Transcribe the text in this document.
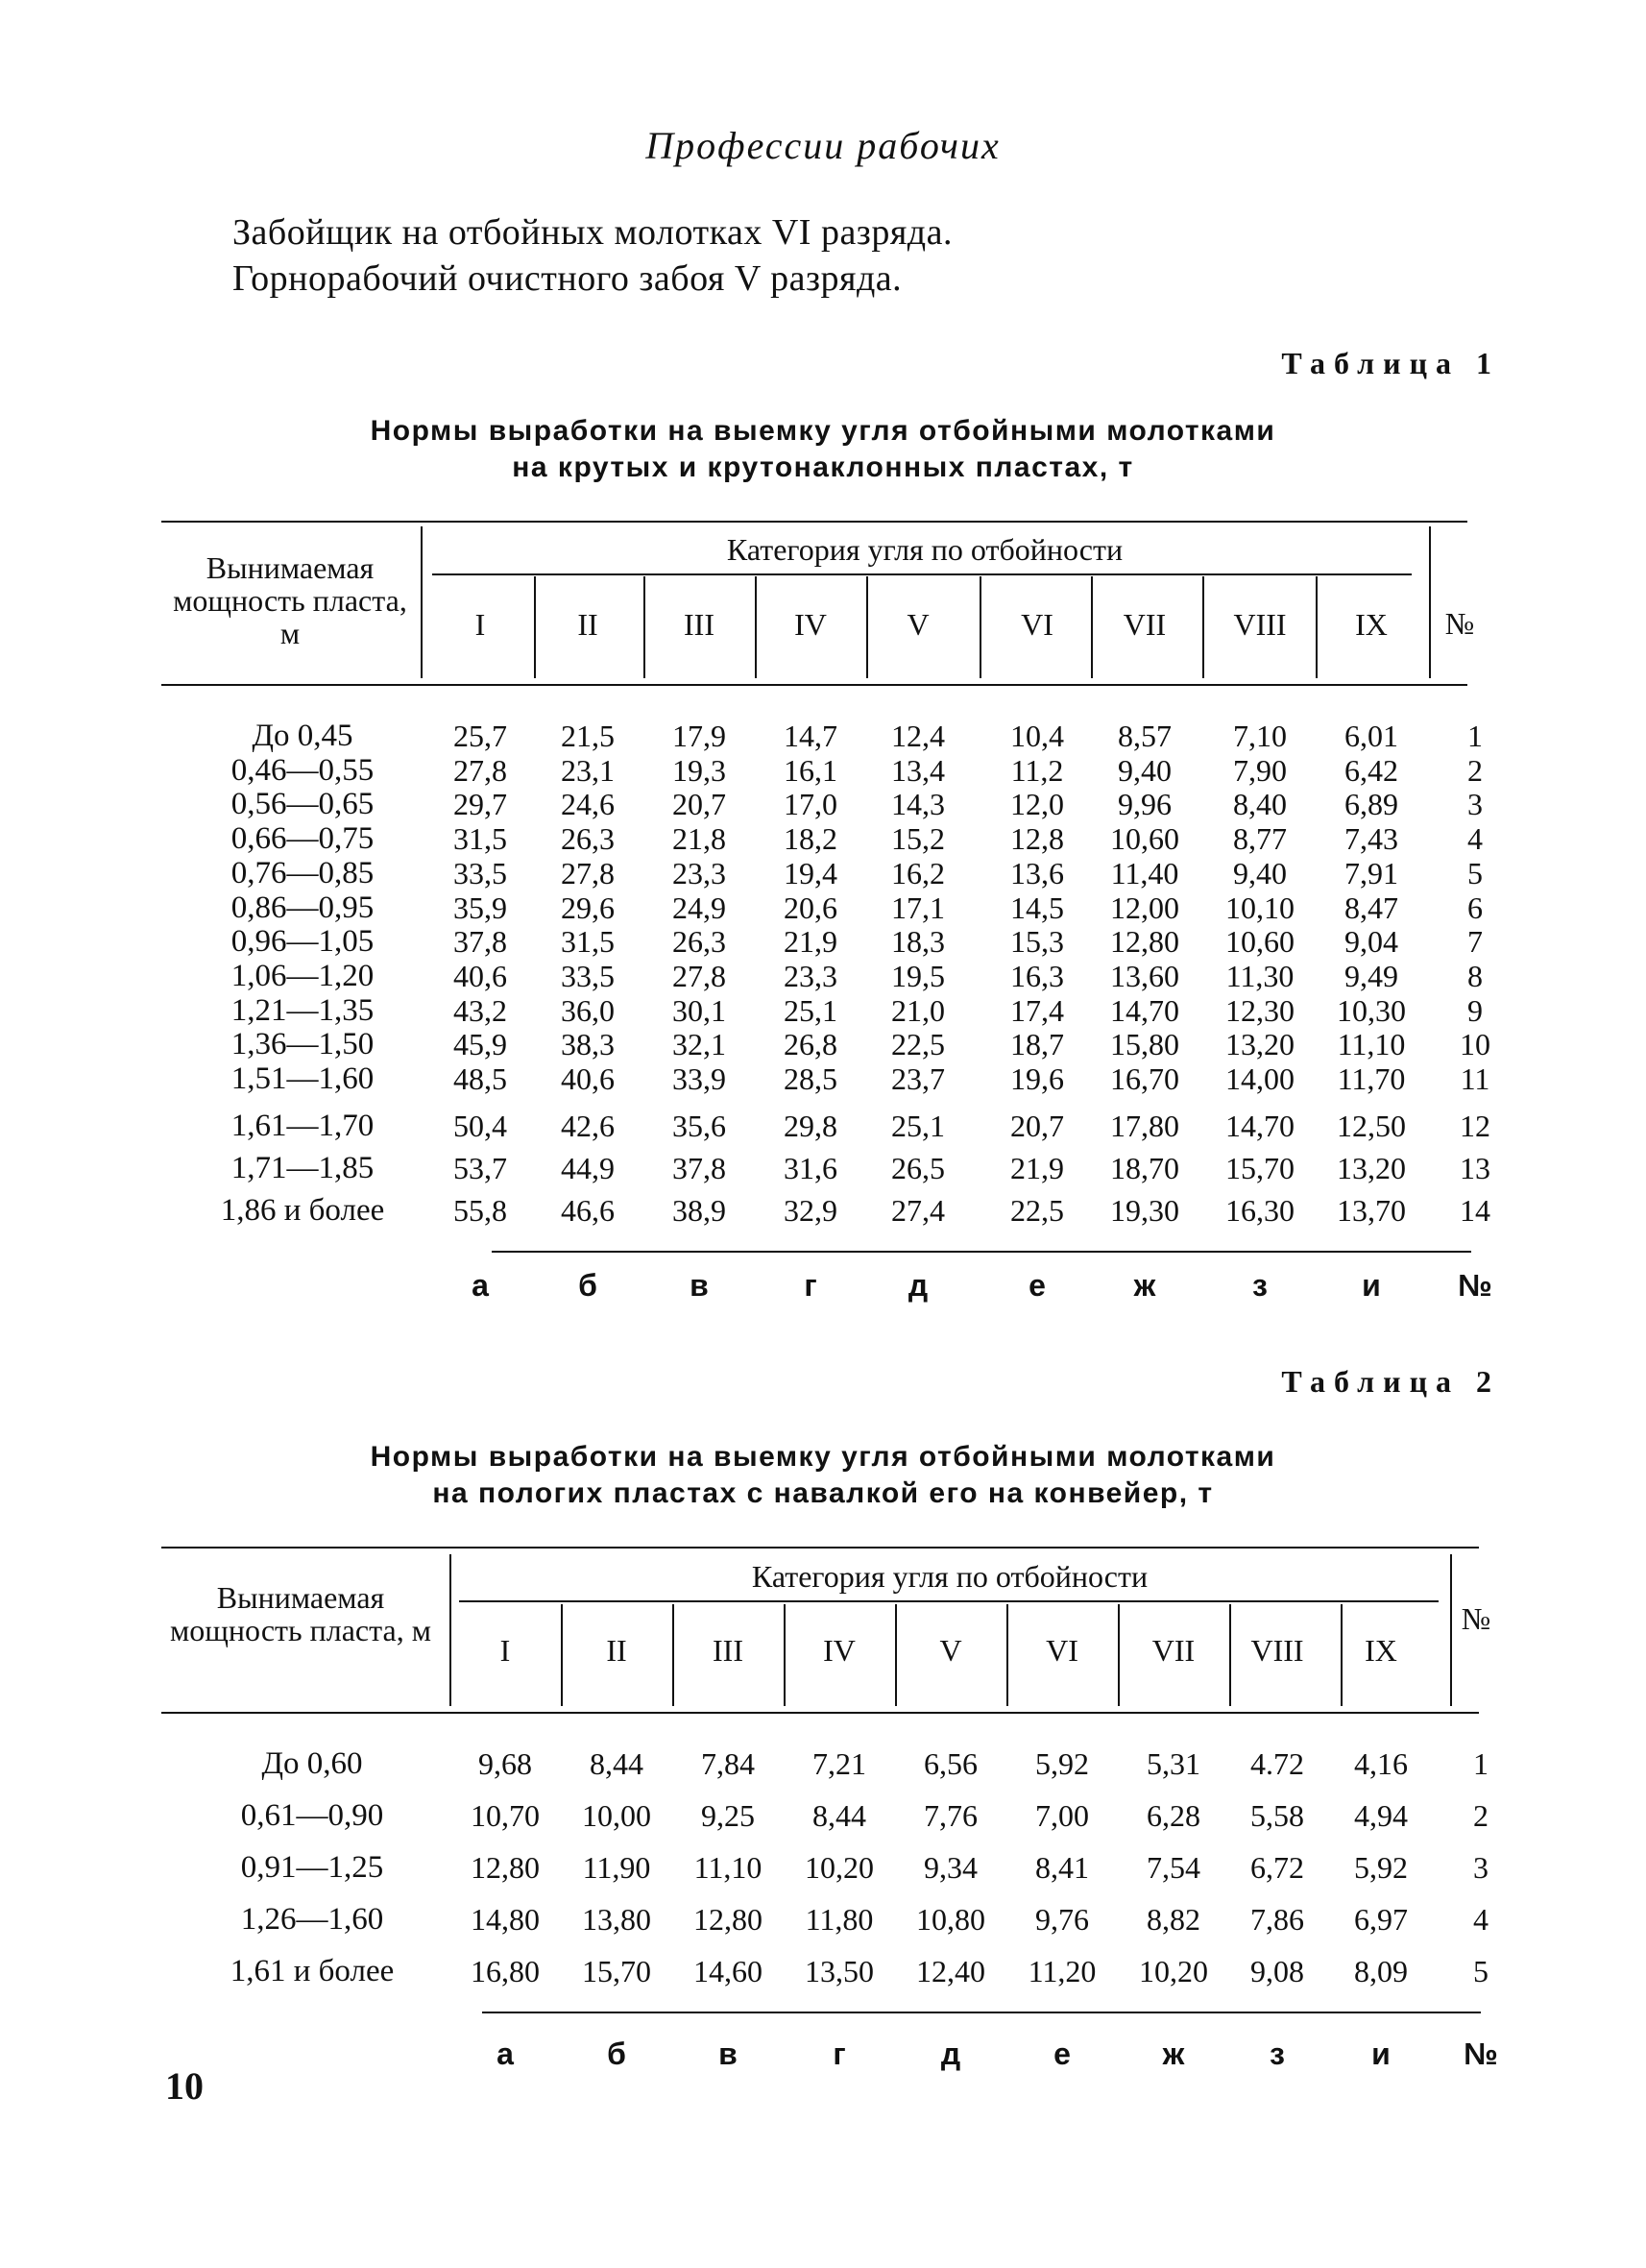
Профессии рабочих
Забойщик на отбойных молотках VI разряда.
Горнорабочий очистного забоя V разряда.
Таблица 1
Нормы выработки на выемку угля отбойными молотками
на крутых и крутонаклонных пластах, т
Вынимаемая мощность пласта, м
Категория угля по отбойности
№
I	II	III	IV	V	VI	VII	VIII	IX
До 0,45	25,7	21,5	17,9	14,7	12,4	10,4	8,57	7,10	6,01	1
0,46—0,55	27,8	23,1	19,3	16,1	13,4	11,2	9,40	7,90	6,42	2
0,56—0,65	29,7	24,6	20,7	17,0	14,3	12,0	9,96	8,40	6,89	3
0,66—0,75	31,5	26,3	21,8	18,2	15,2	12,8	10,60	8,77	7,43	4
0,76—0,85	33,5	27,8	23,3	19,4	16,2	13,6	11,40	9,40	7,91	5
0,86—0,95	35,9	29,6	24,9	20,6	17,1	14,5	12,00	10,10	8,47	6
0,96—1,05	37,8	31,5	26,3	21,9	18,3	15,3	12,80	10,60	9,04	7
1,06—1,20	40,6	33,5	27,8	23,3	19,5	16,3	13,60	11,30	9,49	8
1,21—1,35	43,2	36,0	30,1	25,1	21,0	17,4	14,70	12,30	10,30	9
1,36—1,50	45,9	38,3	32,1	26,8	22,5	18,7	15,80	13,20	11,10	10
1,51—1,60	48,5	40,6	33,9	28,5	23,7	19,6	16,70	14,00	11,70	11
1,61—1,70	50,4	42,6	35,6	29,8	25,1	20,7	17,80	14,70	12,50	12
1,71—1,85	53,7	44,9	37,8	31,6	26,5	21,9	18,70	15,70	13,20	13
1,86 и более	55,8	46,6	38,9	32,9	27,4	22,5	19,30	16,30	13,70	14
а	б	в	г	д	е	ж	з	и	№
Таблица 2
Нормы выработки на выемку угля отбойными молотками
на пологих пластах с навалкой его на конвейер, т
Вынимаемая мощность пласта, м
Категория угля по отбойности
№
I	II	III	IV	V	VI	VII	VIII	IX
До 0,60	9,68	8,44	7,84	7,21	6,56	5,92	5,31	4.72	4,16	1
0,61—0,90	10,70	10,00	9,25	8,44	7,76	7,00	6,28	5,58	4,94	2
0,91—1,25	12,80	11,90	11,10	10,20	9,34	8,41	7,54	6,72	5,92	3
1,26—1,60	14,80	13,80	12,80	11,80	10,80	9,76	8,82	7,86	6,97	4
1,61 и более	16,80	15,70	14,60	13,50	12,40	11,20	10,20	9,08	8,09	5
а	б	в	г	д	е	ж	з	и	№
10
